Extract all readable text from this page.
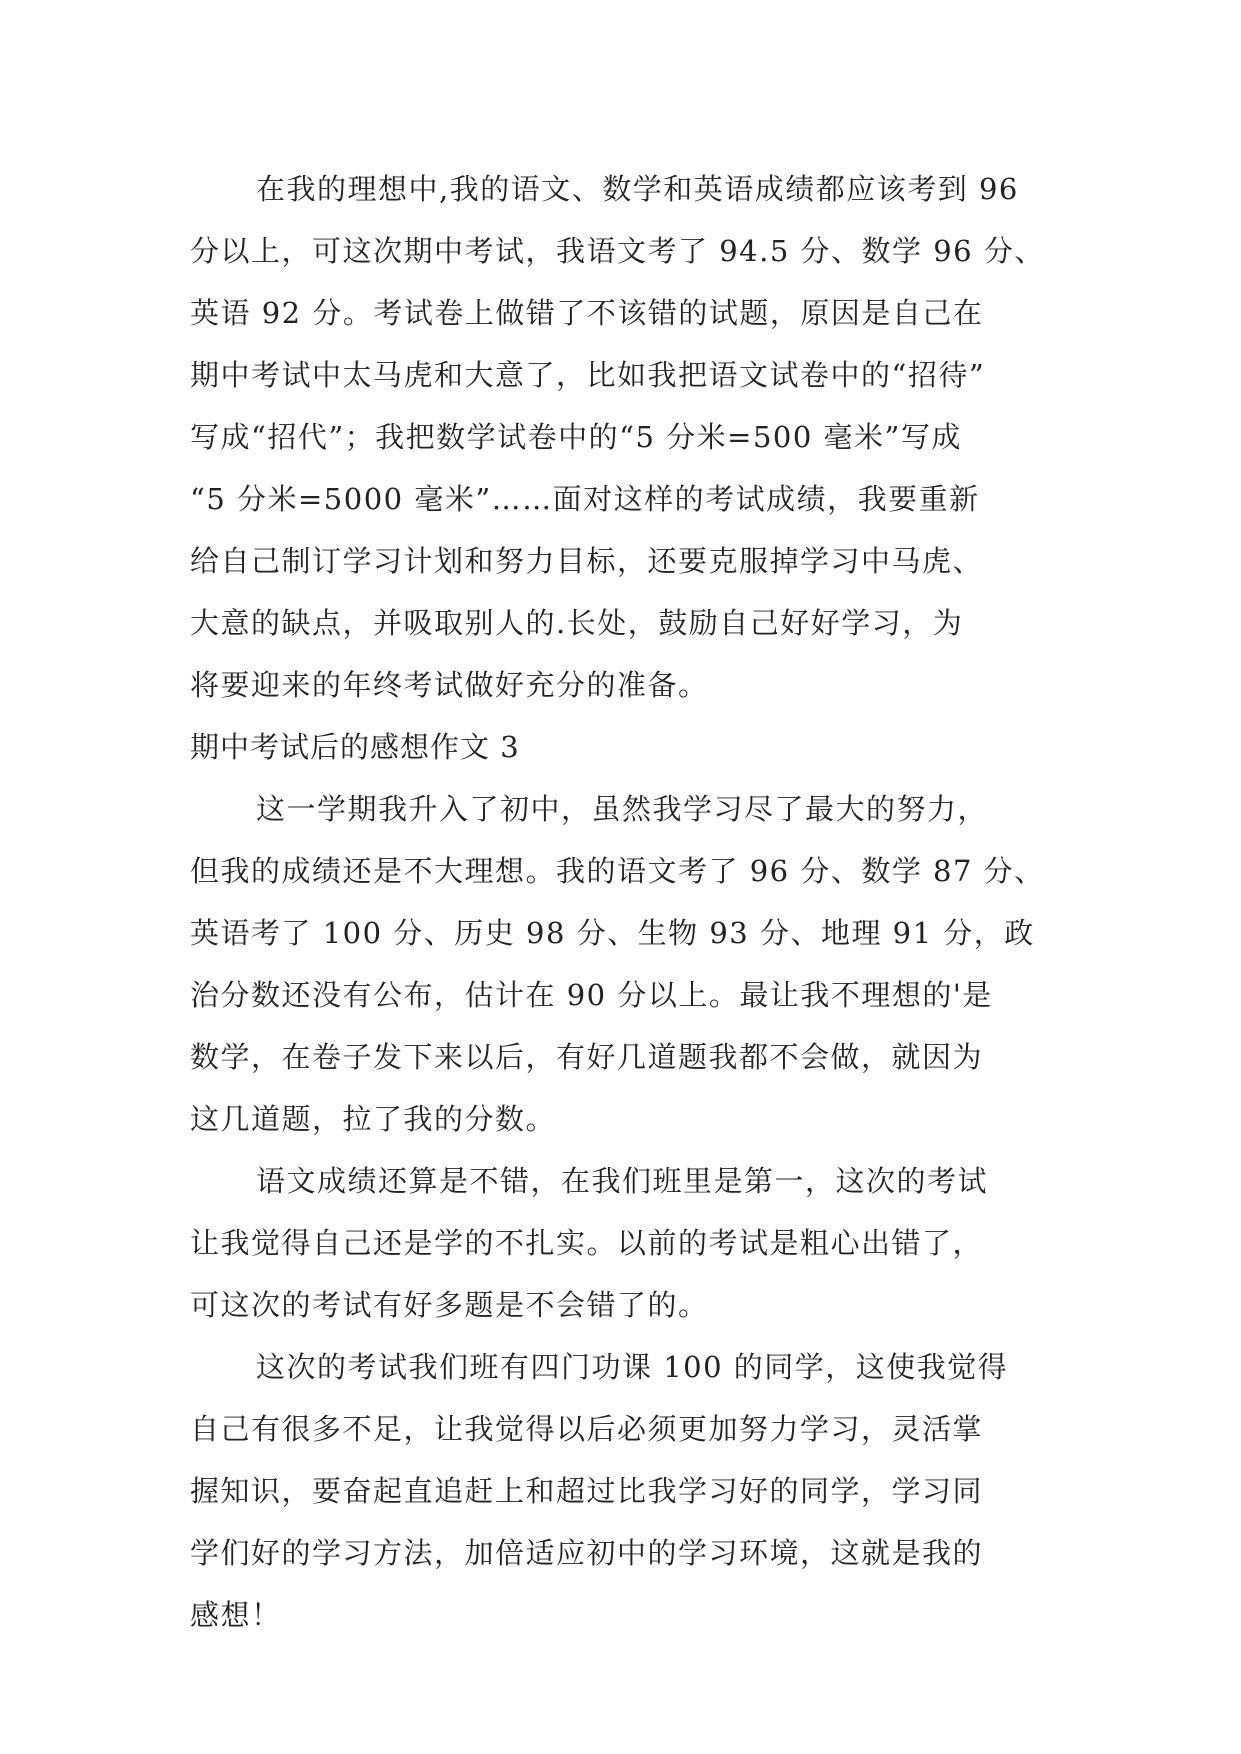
在我的理想中,我的语文、数学和英语成绩都应该考到 96
分以上，可这次期中考试，我语文考了 94.5 分、数学 96 分、
英语 92 分。考试卷上做错了不该错的试题，原因是自己在
期中考试中太马虎和大意了，比如我把语文试卷中的“招待”
写成“招代”；我把数学试卷中的“5 分米=500 毫米”写成
“5 分米=5000 毫米”……面对这样的考试成绩，我要重新
给自己制订学习计划和努力目标，还要克服掉学习中马虎、
大意的缺点，并吸取别人的.长处，鼓励自己好好学习，为
将要迎来的年终考试做好充分的准备。
期中考试后的感想作文 3
这一学期我升入了初中，虽然我学习尽了最大的努力，
但我的成绩还是不大理想。我的语文考了 96 分、数学 87 分、
英语考了 100 分、历史 98 分、生物 93 分、地理 91 分，政
治分数还没有公布，估计在 90 分以上。最让我不理想的'是
数学，在卷子发下来以后，有好几道题我都不会做，就因为
这几道题，拉了我的分数。
语文成绩还算是不错，在我们班里是第一，这次的考试
让我觉得自己还是学的不扎实。以前的考试是粗心出错了，
可这次的考试有好多题是不会错了的。
这次的考试我们班有四门功课 100 的同学，这使我觉得
自己有很多不足，让我觉得以后必须更加努力学习，灵活掌
握知识，要奋起直追赶上和超过比我学习好的同学，学习同
学们好的学习方法，加倍适应初中的学习环境，这就是我的
感想！
